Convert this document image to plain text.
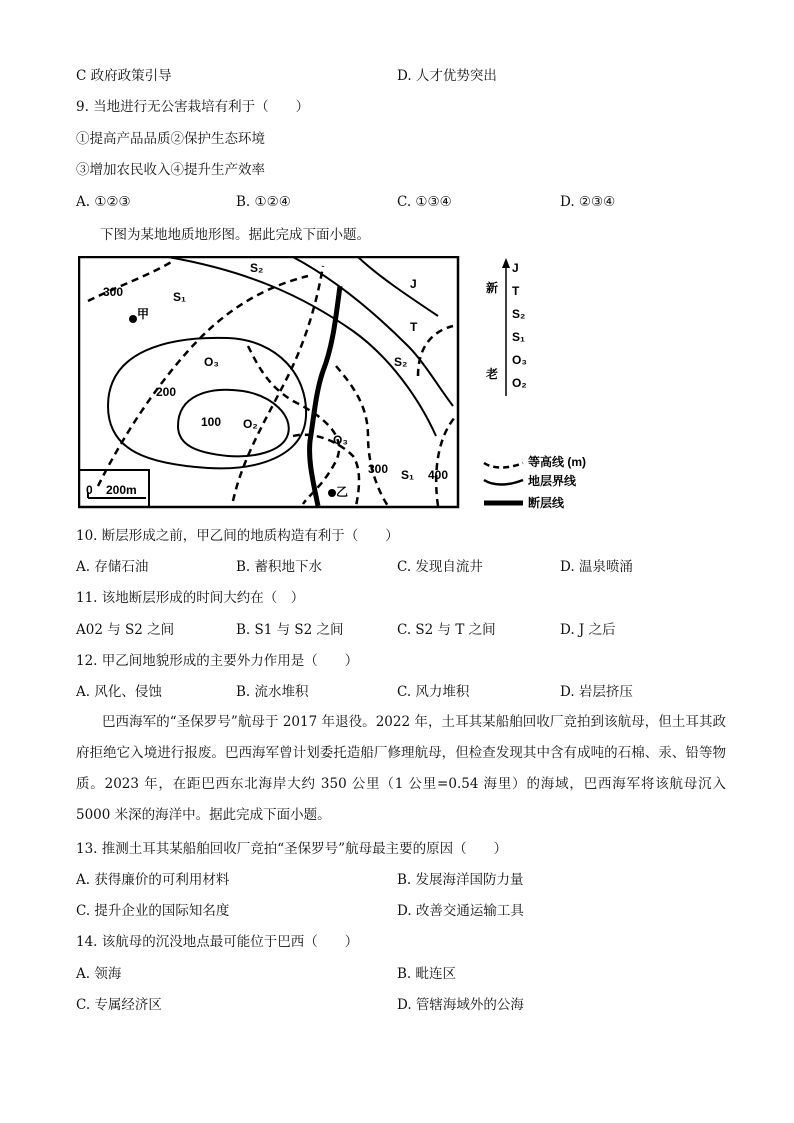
C 政府政策引导	D. 人才优势突出
9. 当地进行无公害栽培有利于（　　）
①提高产品品质②保护生态环境
③增加农民收入④提升生产效率
A. ①②③	B. ①②④	C. ①③④	D. ②③④
下图为某地地质地形图。据此完成下面小题。
300
200
100
300	400
S₁
S₂
J
T
S₂
O₃
O₂
O₃
S₁
甲
乙
0 200m
新
老
J
T
S₂
S₁
O₃
O₂
等高线 (m)
地层界线
断层线
10. 断层形成之前，甲乙间的地质构造有利于（　　）
A. 存储石油	B. 蓄积地下水	C. 发现自流井	D. 温泉喷涌
11. 该地断层形成的时间大约在（　）
A02 与 S2 之间	B. S1 与 S2 之间	C. S2 与 T 之间	D. J 之后
12. 甲乙间地貌形成的主要外力作用是（　　）
A. 风化、侵蚀	B. 流水堆积	C. 风力堆积	D. 岩层挤压
巴西海军的“圣保罗号”航母于 2017 年退役。2022 年，土耳其某船舶回收厂竞拍到该航母，但土耳其政府拒绝它入境进行报废。巴西海军曾计划委托造船厂修理航母，但检查发现其中含有成吨的石棉、汞、铅等物质。2023 年，在距巴西东北海岸大约 350 公里（1 公里=0.54 海里）的海域，巴西海军将该航母沉入 5000 米深的海洋中。据此完成下面小题。
13. 推测土耳其某船舶回收厂竞拍“圣保罗号”航母最主要的原因（　　）
A. 获得廉价的可利用材料	B. 发展海洋国防力量
C. 提升企业的国际知名度	D. 改善交通运输工具
14. 该航母的沉没地点最可能位于巴西（　　）
A. 领海	B. 毗连区
C. 专属经济区	D. 管辖海域外的公海
